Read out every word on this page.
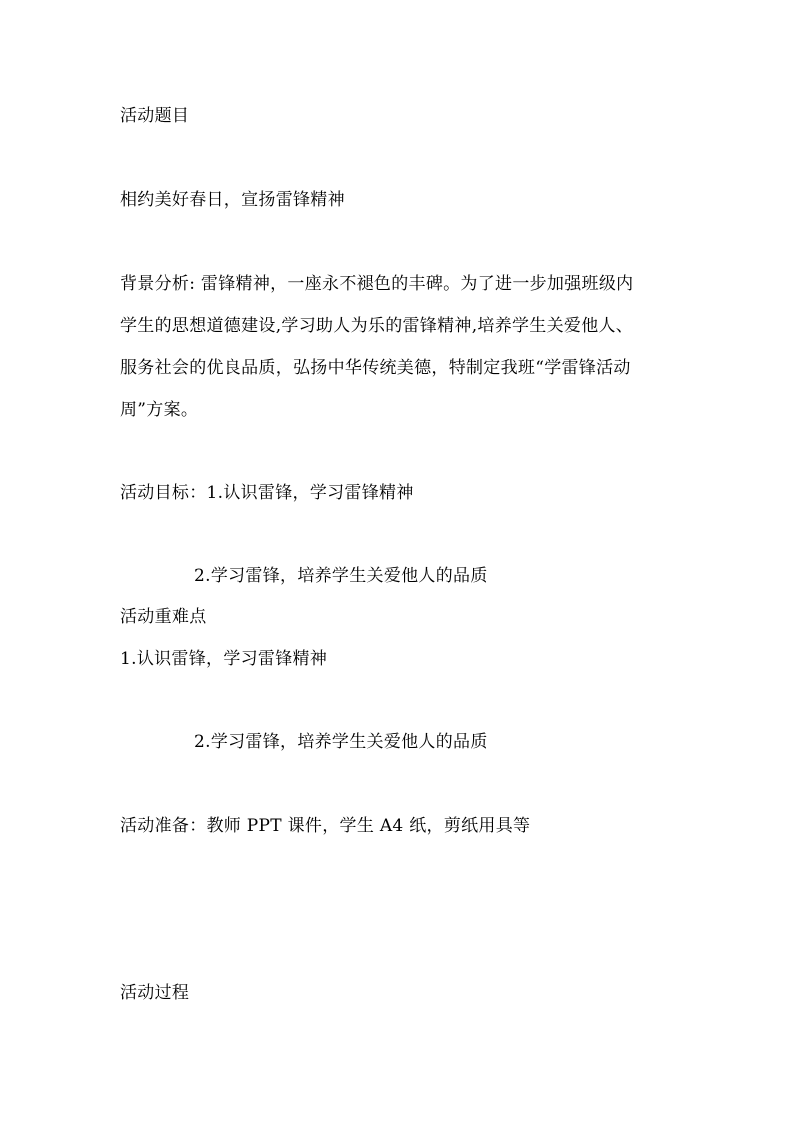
活动题目
相约美好春日，宣扬雷锋精神
背景分析: 雷锋精神，一座永不褪色的丰碑。为了进一步加强班级内
学生的思想道德建设,学习助人为乐的雷锋精神,培养学生关爱他人、
服务社会的优良品质，弘扬中华传统美德，特制定我班“学雷锋活动
周”方案。
活动目标：1.认识雷锋，学习雷锋精神
2.学习雷锋，培养学生关爱他人的品质
活动重难点
1.认识雷锋，学习雷锋精神
2.学习雷锋，培养学生关爱他人的品质
活动准备：教师 PPT 课件，学生 A4 纸，剪纸用具等
活动过程
